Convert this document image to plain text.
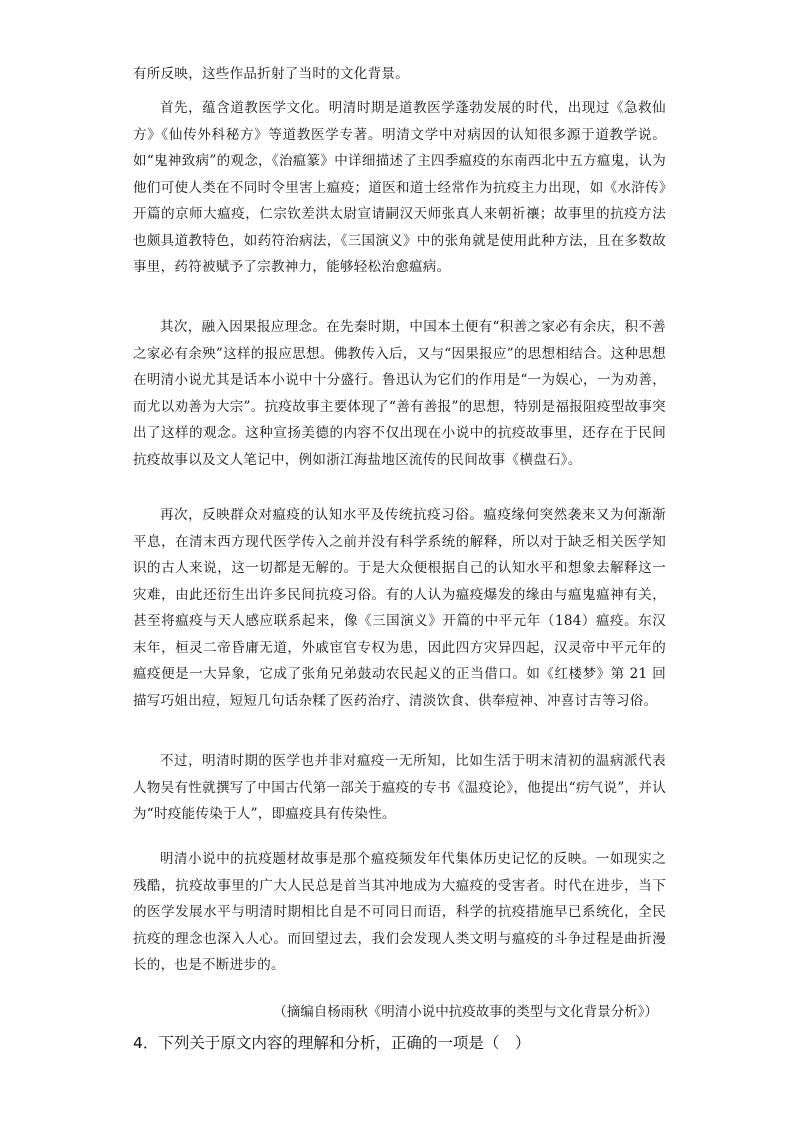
有所反映，这些作品折射了当时的文化背景。

首先，蕴含道教医学文化。明清时期是道教医学蓬勃发展的时代，出现过《急救仙方》《仙传外科秘方》等道教医学专著。明清文学中对病因的认知很多源于道教学说。如“鬼神致病”的观念，《治瘟篆》中详细描述了主四季瘟疫的东南西北中五方瘟鬼，认为他们可使人类在不同时令里害上瘟疫；道医和道士经常作为抗疫主力出现，如《水浒传》开篇的京师大瘟疫，仁宗钦差洪太尉宣请嗣汉天师张真人来朝祈禳；故事里的抗疫方法也颇具道教特色，如药符治病法，《三国演义》中的张角就是使用此种方法，且在多数故事里，药符被赋予了宗教神力，能够轻松治愈瘟病。

其次，融入因果报应理念。在先秦时期，中国本土便有“积善之家必有余庆，积不善之家必有余殃”这样的报应思想。佛教传入后，又与“因果报应”的思想相结合。这种思想在明清小说尤其是话本小说中十分盛行。鲁迅认为它们的作用是“一为娱心，一为劝善，而尤以劝善为大宗”。抗疫故事主要体现了“善有善报”的思想，特别是福报阻疫型故事突出了这样的观念。这种宣扬美德的内容不仅出现在小说中的抗疫故事里，还存在于民间抗疫故事以及文人笔记中，例如浙江海盐地区流传的民间故事《横盘石》。

再次，反映群众对瘟疫的认知水平及传统抗疫习俗。瘟疫缘何突然袭来又为何渐渐平息，在清末西方现代医学传入之前并没有科学系统的解释，所以对于缺乏相关医学知识的古人来说，这一切都是无解的。于是大众便根据自己的认知水平和想象去解释这一灾难，由此还衍生出许多民间抗疫习俗。有的人认为瘟疫爆发的缘由与瘟鬼瘟神有关，甚至将瘟疫与天人感应联系起来，像《三国演义》开篇的中平元年（184）瘟疫。东汉末年，桓灵二帝昏庸无道，外戚宦官专权为患，因此四方灾异四起，汉灵帝中平元年的瘟疫便是一大异象，它成了张角兄弟鼓动农民起义的正当借口。如《红楼梦》第 21 回描写巧姐出痘，短短几句话杂糅了医药治疗、清淡饮食、供奉痘神、冲喜讨吉等习俗。

不过，明清时期的医学也并非对瘟疫一无所知，比如生活于明末清初的温病派代表人物吴有性就撰写了中国古代第一部关于瘟疫的专书《温疫论》，他提出“疠气说”，并认为“时疫能传染于人”，即瘟疫具有传染性。

明清小说中的抗疫题材故事是那个瘟疫频发年代集体历史记忆的反映。一如现实之残酷，抗疫故事里的广大人民总是首当其冲地成为大瘟疫的受害者。时代在进步，当下的医学发展水平与明清时期相比自是不可同日而语，科学的抗疫措施早已系统化，全民抗疫的理念也深入人心。而回望过去，我们会发现人类文明与瘟疫的斗争过程是曲折漫长的，也是不断进步的。

（摘编自杨雨秋《明清小说中抗疫故事的类型与文化背景分析》）

4．下列关于原文内容的理解和分析，正确的一项是（　）
